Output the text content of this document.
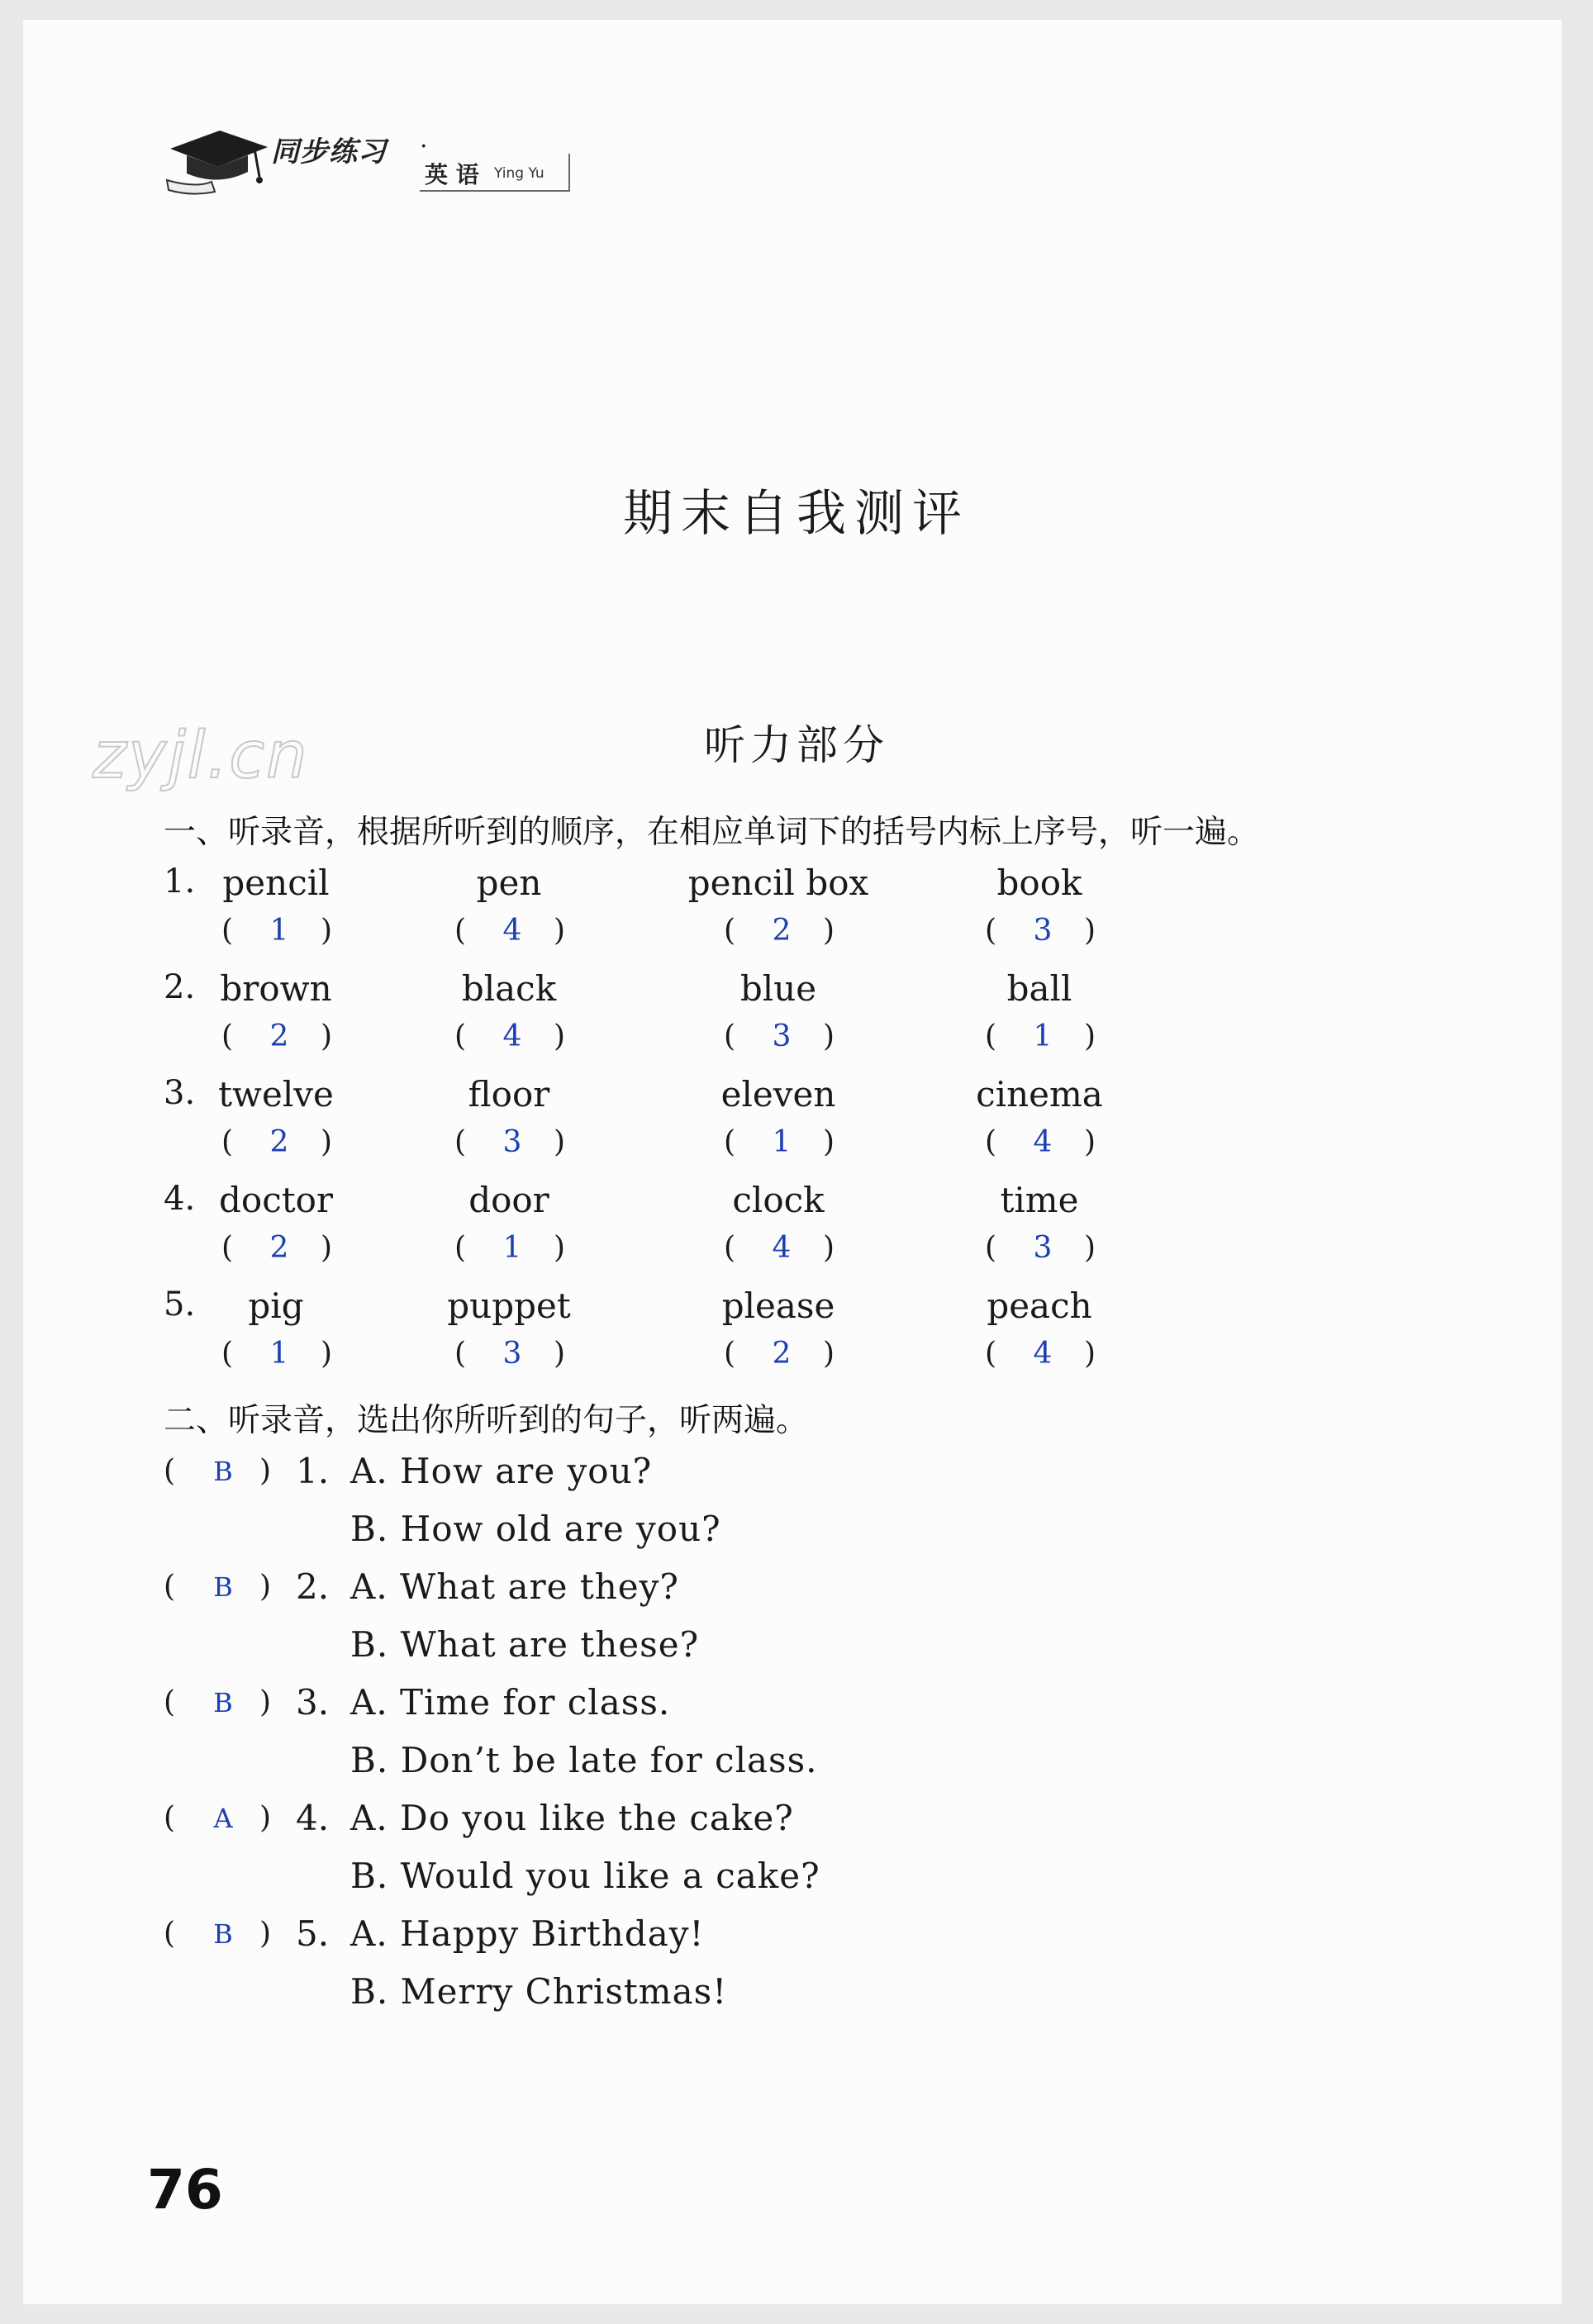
同步练习 ·
英 语 Ying Yu
期末自我测评
zyjl.cn	听力部分
一、听录音，根据所听到的顺序，在相应单词下的括号内标上序号，听一遍。
1. pencil	pen	pencil box	book
( 1 )	( 4 )	( 2 )	( 3 )
2. brown	black	blue	ball
( 2 )	( 4 )	( 3 )	( 1 )
3. twelve	floor	eleven	cinema
( 2 )	( 3 )	( 1 )	( 4 )
4. doctor	door	clock	time
( 2 )	( 1 )	( 4 )	( 3 )
5.	pig	puppet	please	peach
( 1 )	( 3 )	( 2 )	( 4 )
二、听录音，选出你所听到的句子，听两遍。
( B ) 1. A. How are you?
B. How old are you?
( B ) 2. A. What are they?
B. What are these?
( B ) 3. A. Time for class.
B. Don’t be late for class.
( A ) 4. A. Do you like the cake?
B. Would you like a cake?
( B ) 5. A. Happy Birthday!
B. Merry Christmas!
76
